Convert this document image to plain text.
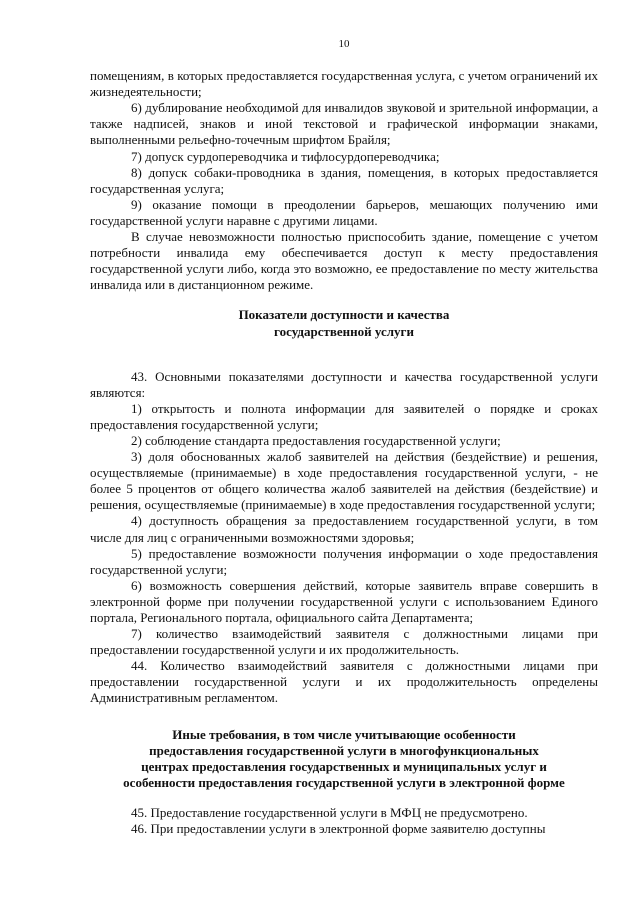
10

помещениям, в которых предоставляется государственная услуга, с учетом ограничений их жизнедеятельности;

6) дублирование необходимой для инвалидов звуковой и зрительной информации, а также надписей, знаков и иной текстовой и графической информации знаками, выполненными рельефно-точечным шрифтом Брайля;

7) допуск сурдопереводчика и тифлосурдопереводчика;

8) допуск собаки-проводника в здания, помещения, в которых предоставляется государственная услуга;

9) оказание помощи в преодолении барьеров, мешающих получению ими государственной услуги наравне с другими лицами.

В случае невозможности полностью приспособить здание, помещение с учетом потребности инвалида ему обеспечивается доступ к месту предоставления государственной услуги либо, когда это возможно, ее предоставление по месту жительства инвалида или в дистанционном режиме.

Показатели доступности и качества
государственной услуги

43. Основными показателями доступности и качества государственной услуги являются:

1) открытость и полнота информации для заявителей о порядке и сроках предоставления государственной услуги;

2) соблюдение стандарта предоставления государственной услуги;

3) доля обоснованных жалоб заявителей на действия (бездействие) и решения, осуществляемые (принимаемые) в ходе предоставления государственной услуги, - не более 5 процентов от общего количества жалоб заявителей на действия (бездействие) и решения, осуществляемые (принимаемые) в ходе предоставления государственной услуги;

4) доступность обращения за предоставлением государственной услуги, в том числе для лиц с ограниченными возможностями здоровья;

5) предоставление возможности получения информации о ходе предоставления государственной услуги;

6) возможность совершения действий, которые заявитель вправе совершить в электронной форме при получении государственной услуги с использованием Единого портала, Регионального портала, официального сайта Департамента;

7) количество взаимодействий заявителя с должностными лицами при предоставлении государственной услуги и их продолжительность.

44. Количество взаимодействий заявителя с должностными лицами при предоставлении государственной услуги и их продолжительность определены Административным регламентом.

Иные требования, в том числе учитывающие особенности
предоставления государственной услуги в многофункциональных
центрах предоставления государственных и муниципальных услуг и
особенности предоставления государственной услуги в электронной форме

45. Предоставление государственной услуги в МФЦ не предусмотрено.

46. При предоставлении услуги в электронной форме заявителю доступны
